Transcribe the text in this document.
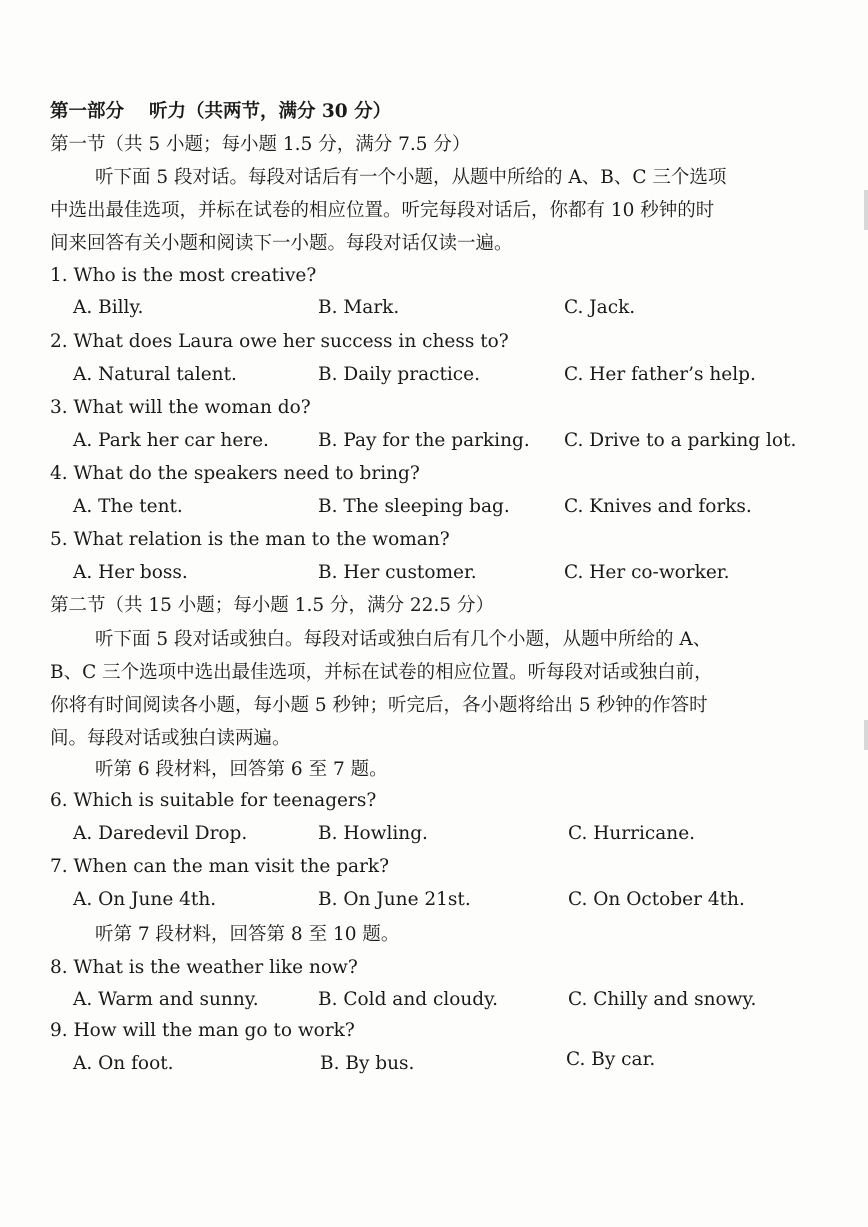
第一部分　 听力（共两节，满分 30 分）
第一节（共 5 小题；每小题 1.5 分，满分 7.5 分）
听下面 5 段对话。每段对话后有一个小题，从题中所给的 A、B、C 三个选项
中选出最佳选项，并标在试卷的相应位置。听完每段对话后，你都有 10 秒钟的时
间来回答有关小题和阅读下一小题。每段对话仅读一遍。
1. Who is the most creative?
A. Billy.	B. Mark.	C. Jack.
2. What does Laura owe her success in chess to?
A. Natural talent.	B. Daily practice.	C. Her father’s help.
3. What will the woman do?
A. Park her car here.	B. Pay for the parking. C. Drive to a parking lot.
4. What do the speakers need to bring?
A. The tent.	B. The sleeping bag.	C. Knives and forks.
5. What relation is the man to the woman?
A. Her boss.	B. Her customer.	C. Her co-worker.
第二节（共 15 小题；每小题 1.5 分，满分 22.5 分）
听下面 5 段对话或独白。每段对话或独白后有几个小题，从题中所给的 A、
B、C 三个选项中选出最佳选项，并标在试卷的相应位置。听每段对话或独白前，
你将有时间阅读各小题，每小题 5 秒钟；听完后，各小题将给出 5 秒钟的作答时
间。每段对话或独白读两遍。
听第 6 段材料，回答第 6 至 7 题。
6. Which is suitable for teenagers?
A. Daredevil Drop.	B. Howling.	C. Hurricane.
7. When can the man visit the park?
A. On June 4th.	B. On June 21st.	C. On October 4th.
听第 7 段材料，回答第 8 至 10 题。
8. What is the weather like now?
A. Warm and sunny.	B. Cold and cloudy.	C. Chilly and snowy.
9. How will the man go to work?
A. On foot.	B. By bus.	C. By car.
